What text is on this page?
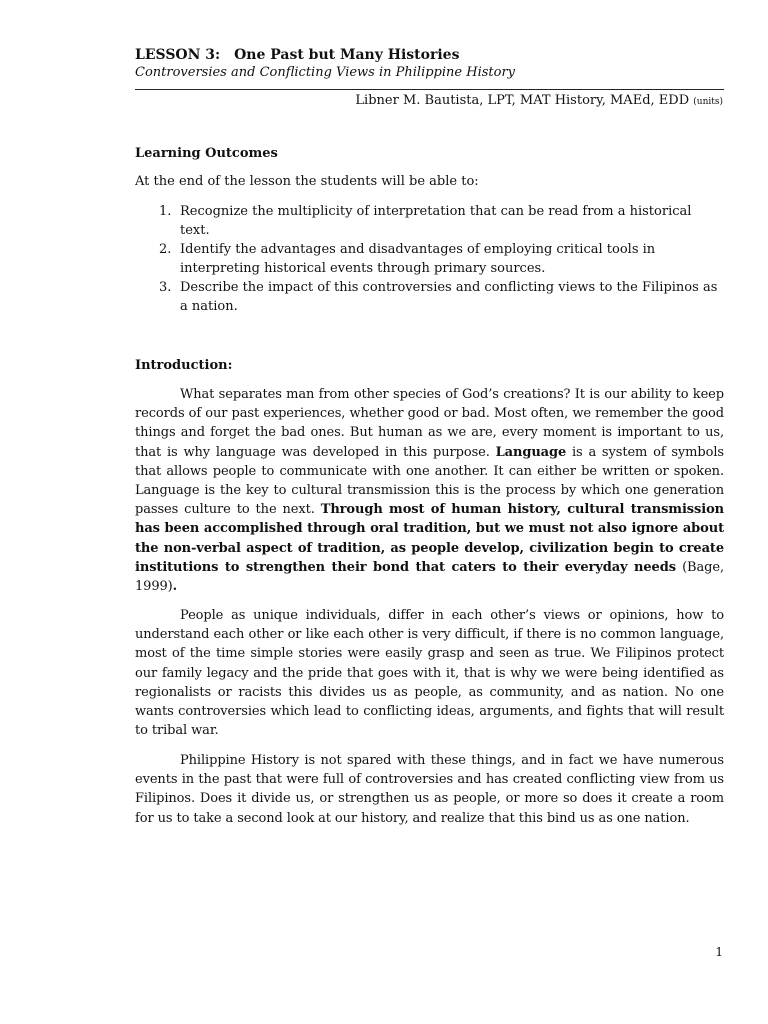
LESSON 3: One Past but Many Histories
Controversies and Conflicting Views in Philippine History
Libner M. Bautista, LPT, MAT History, MAEd, EDD (units)
Learning Outcomes
At the end of the lesson the students will be able to:
1. Recognize the multiplicity of interpretation that can be read from a historical text.
2. Identify the advantages and disadvantages of employing critical tools in interpreting historical events through primary sources.
3. Describe the impact of this controversies and conflicting views to the Filipinos as a nation.
Introduction:

What separates man from other species of God’s creations? It is our ability to keep records of our past experiences, whether good or bad. Most often, we remember the good things and forget the bad ones. But human as we are, every moment is important to us, that is why language was developed in this purpose. Language is a system of symbols that allows people to communicate with one another. It can either be written or spoken. Language is the key to cultural transmission this is the process by which one generation passes culture to the next. Through most of human history, cultural transmission has been accomplished through oral tradition, but we must not also ignore about the non-verbal aspect of tradition, as people develop, civilization begin to create institutions to strengthen their bond that caters to their everyday needs (Bage, 1999).

People as unique individuals, differ in each other’s views or opinions, how to understand each other or like each other is very difficult, if there is no common language, most of the time simple stories were easily grasp and seen as true. We Filipinos protect our family legacy and the pride that goes with it, that is why we were being identified as regionalists or racists this divides us as people, as community, and as nation. No one wants controversies which lead to conflicting ideas, arguments, and fights that will result to tribal war.

Philippine History is not spared with these things, and in fact we have numerous events in the past that were full of controversies and has created conflicting view from us Filipinos. Does it divide us, or strengthen us as people, or more so does it create a room for us to take a second look at our history, and realize that this bind us as one nation.

1
